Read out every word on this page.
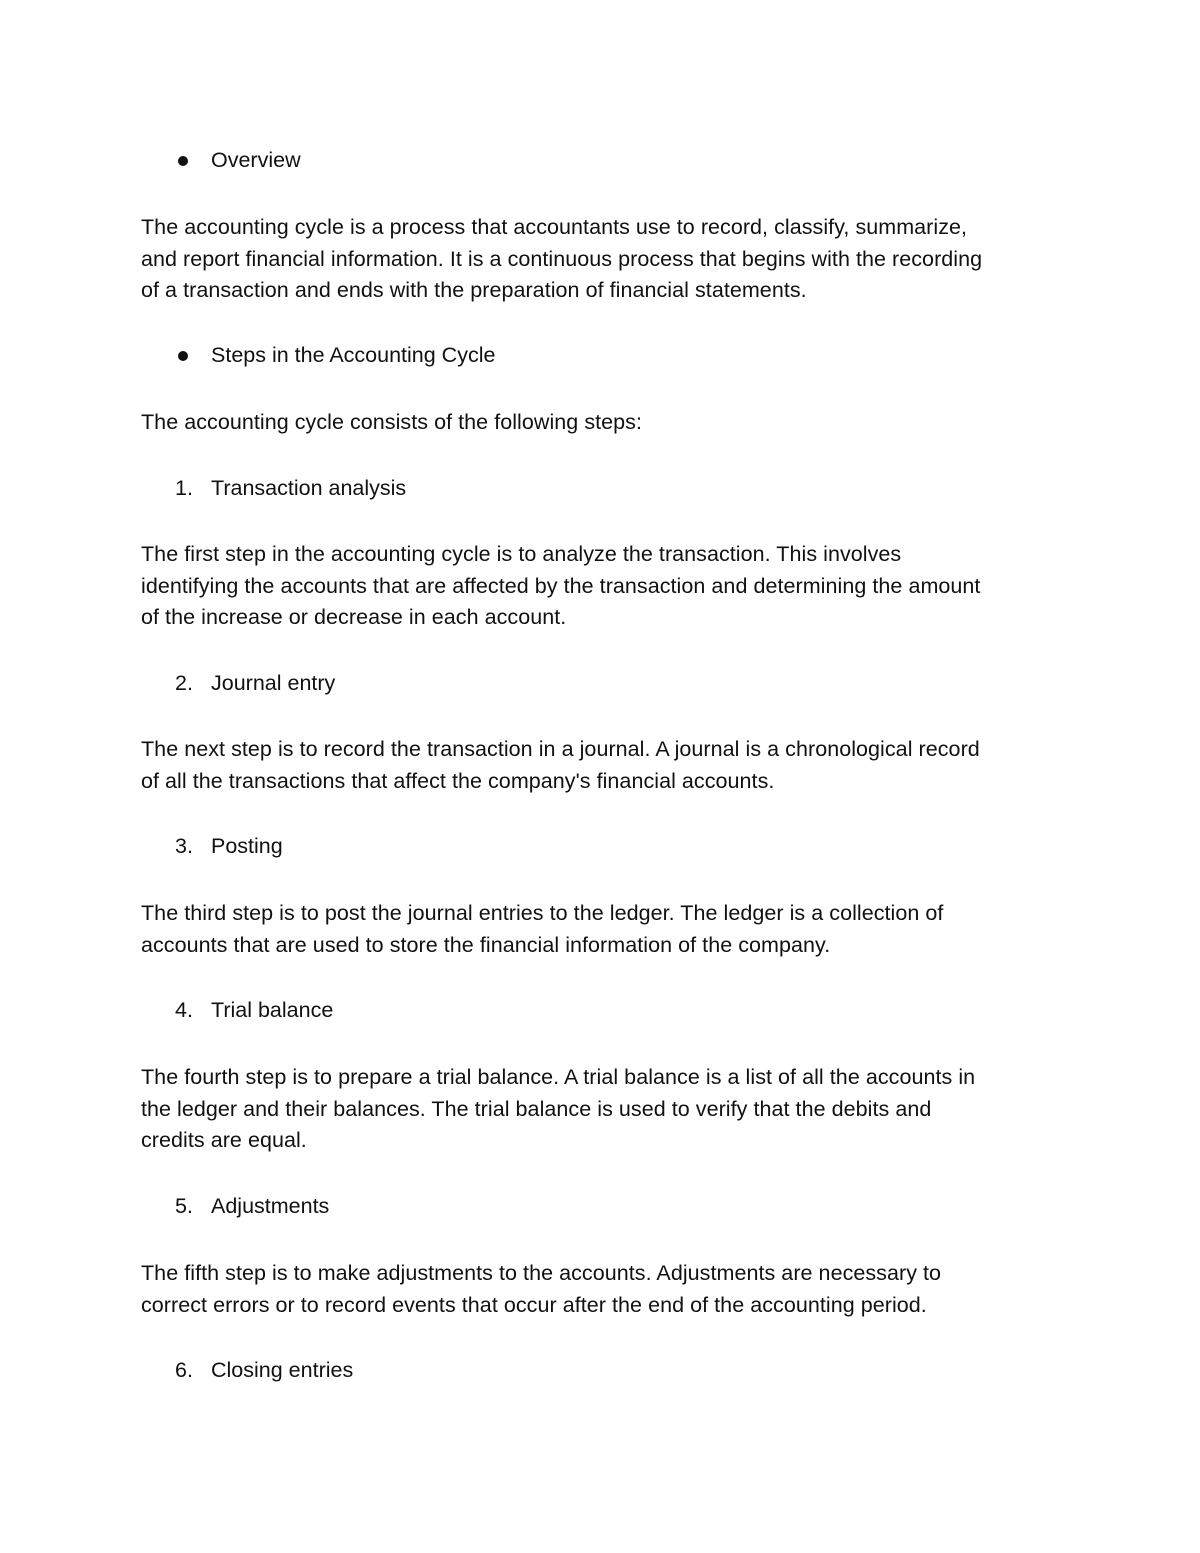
Overview
The accounting cycle is a process that accountants use to record, classify, summarize,
and report financial information. It is a continuous process that begins with the recording
of a transaction and ends with the preparation of financial statements.
Steps in the Accounting Cycle
The accounting cycle consists of the following steps:
1. Transaction analysis
The first step in the accounting cycle is to analyze the transaction. This involves
identifying the accounts that are affected by the transaction and determining the amount
of the increase or decrease in each account.
2. Journal entry
The next step is to record the transaction in a journal. A journal is a chronological record
of all the transactions that affect the company's financial accounts.
3. Posting
The third step is to post the journal entries to the ledger. The ledger is a collection of
accounts that are used to store the financial information of the company.
4. Trial balance
The fourth step is to prepare a trial balance. A trial balance is a list of all the accounts in
the ledger and their balances. The trial balance is used to verify that the debits and
credits are equal.
5. Adjustments
The fifth step is to make adjustments to the accounts. Adjustments are necessary to
correct errors or to record events that occur after the end of the accounting period.
6. Closing entries
